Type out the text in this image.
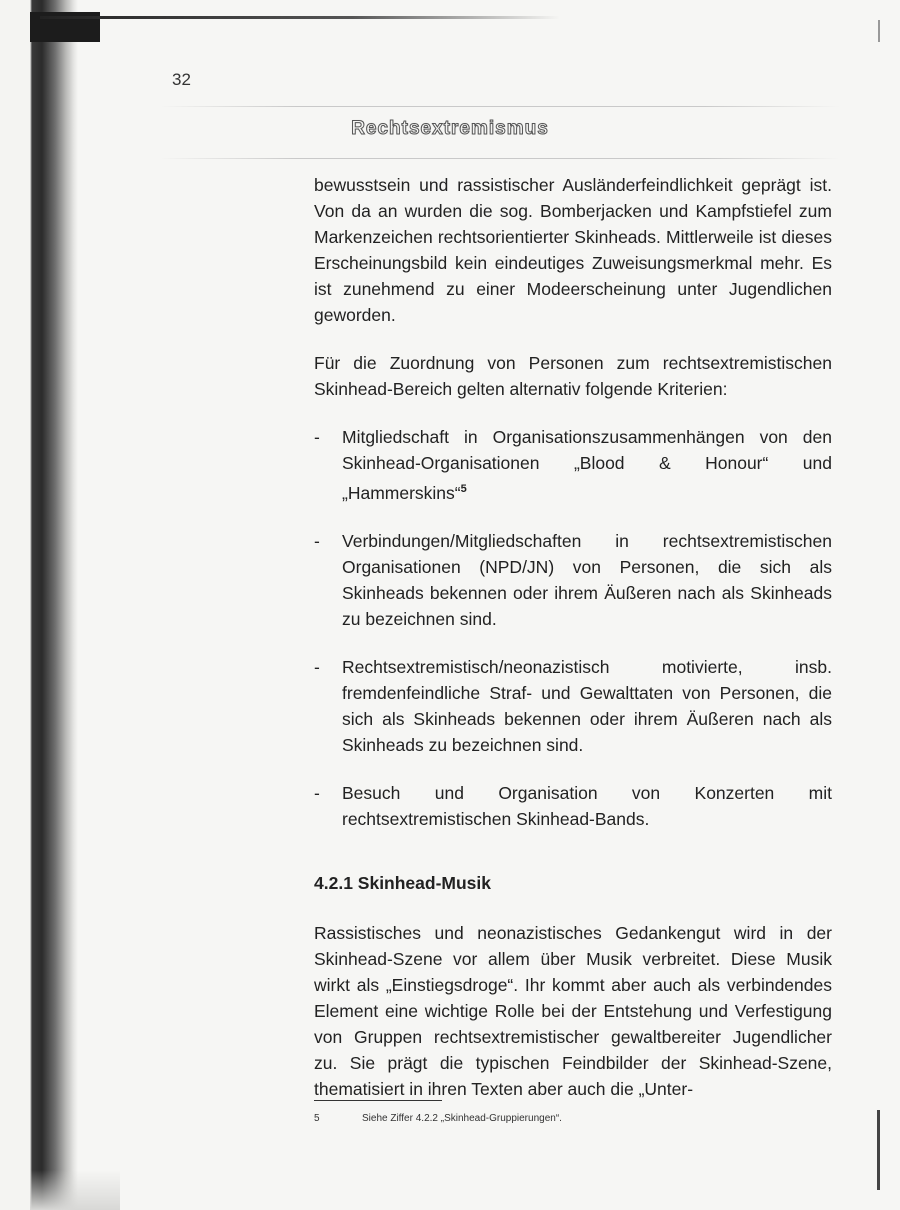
32
Rechtsextremismus

bewusstsein und rassistischer Ausländerfeindlichkeit geprägt ist. Von da an wurden die sog. Bomberjacken und Kampfstiefel zum Markenzeichen rechtsorientierter Skinheads. Mittlerweile ist dieses Erscheinungsbild kein eindeutiges Zuweisungsmerkmal mehr. Es ist zunehmend zu einer Modeerscheinung unter Jugendlichen geworden.

Für die Zuordnung von Personen zum rechtsextremistischen Skinhead-Bereich gelten alternativ folgende Kriterien:

- Mitgliedschaft in Organisationszusammenhängen von den Skinhead-Organisationen „Blood & Honour“ und „Hammerskins“$^5$
- Verbindungen/Mitgliedschaften in rechtsextremistischen Organisationen (NPD/JN) von Personen, die sich als Skinheads bekennen oder ihrem Äußeren nach als Skinheads zu bezeichnen sind.
- Rechtsextremistisch/neonazistisch motivierte, insb. fremdenfeindliche Straf- und Gewalttaten von Personen, die sich als Skinheads bekennen oder ihrem Äußeren nach als Skinheads zu bezeichnen sind.
- Besuch und Organisation von Konzerten mit rechtsextremistischen Skinhead-Bands.
4.2.1 Skinhead-Musik

Rassistisches und neonazistisches Gedankengut wird in der Skinhead-Szene vor allem über Musik verbreitet. Diese Musik wirkt als „Einstiegsdroge“. Ihr kommt aber auch als verbindendes Element eine wichtige Rolle bei der Entstehung und Verfestigung von Gruppen rechtsextremistischer gewaltbereiter Jugendlicher zu. Sie prägt die typischen Feindbilder der Skinhead-Szene, thematisiert in ihren Texten aber auch die „Unter-

5	Siehe Ziffer 4.2.2 „Skinhead-Gruppierungen“.
